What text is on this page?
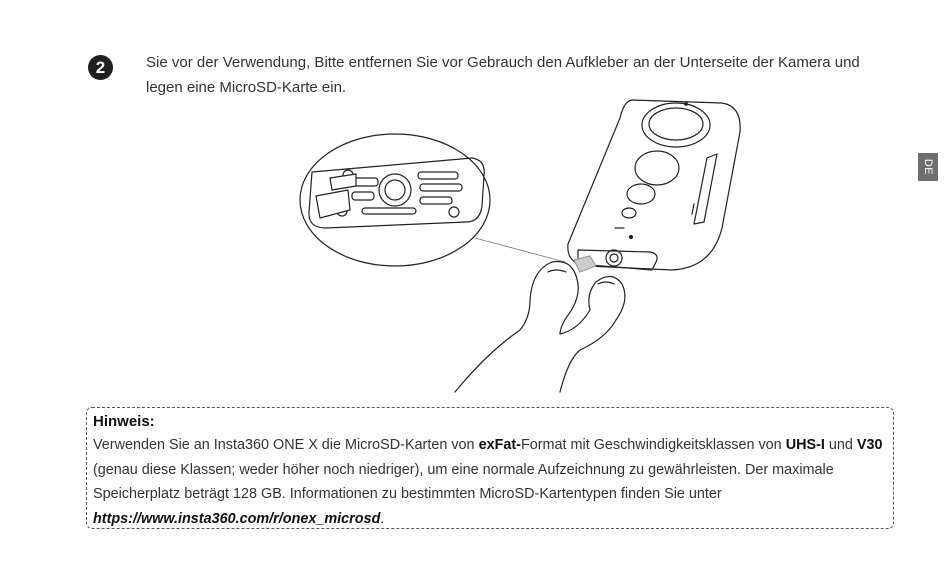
2	Sie vor der Verwendung, Bitte entfernen Sie vor Gebrauch den Aufkleber an der Unterseite der Kamera und legen eine MicroSD-Karte ein.
DE
Hinweis:
Verwenden Sie an Insta360 ONE X die MicroSD-Karten von exFat-Format mit Geschwindigkeitsklassen von UHS-I und V30 (genau diese Klassen; weder höher noch niedriger), um eine normale Aufzeichnung zu gewährleisten. Der maximale Speicherplatz beträgt 128 GB. Informationen zu bestimmten MicroSD-Kartentypen finden Sie unter https://www.insta360.com/r/onex_microsd.
